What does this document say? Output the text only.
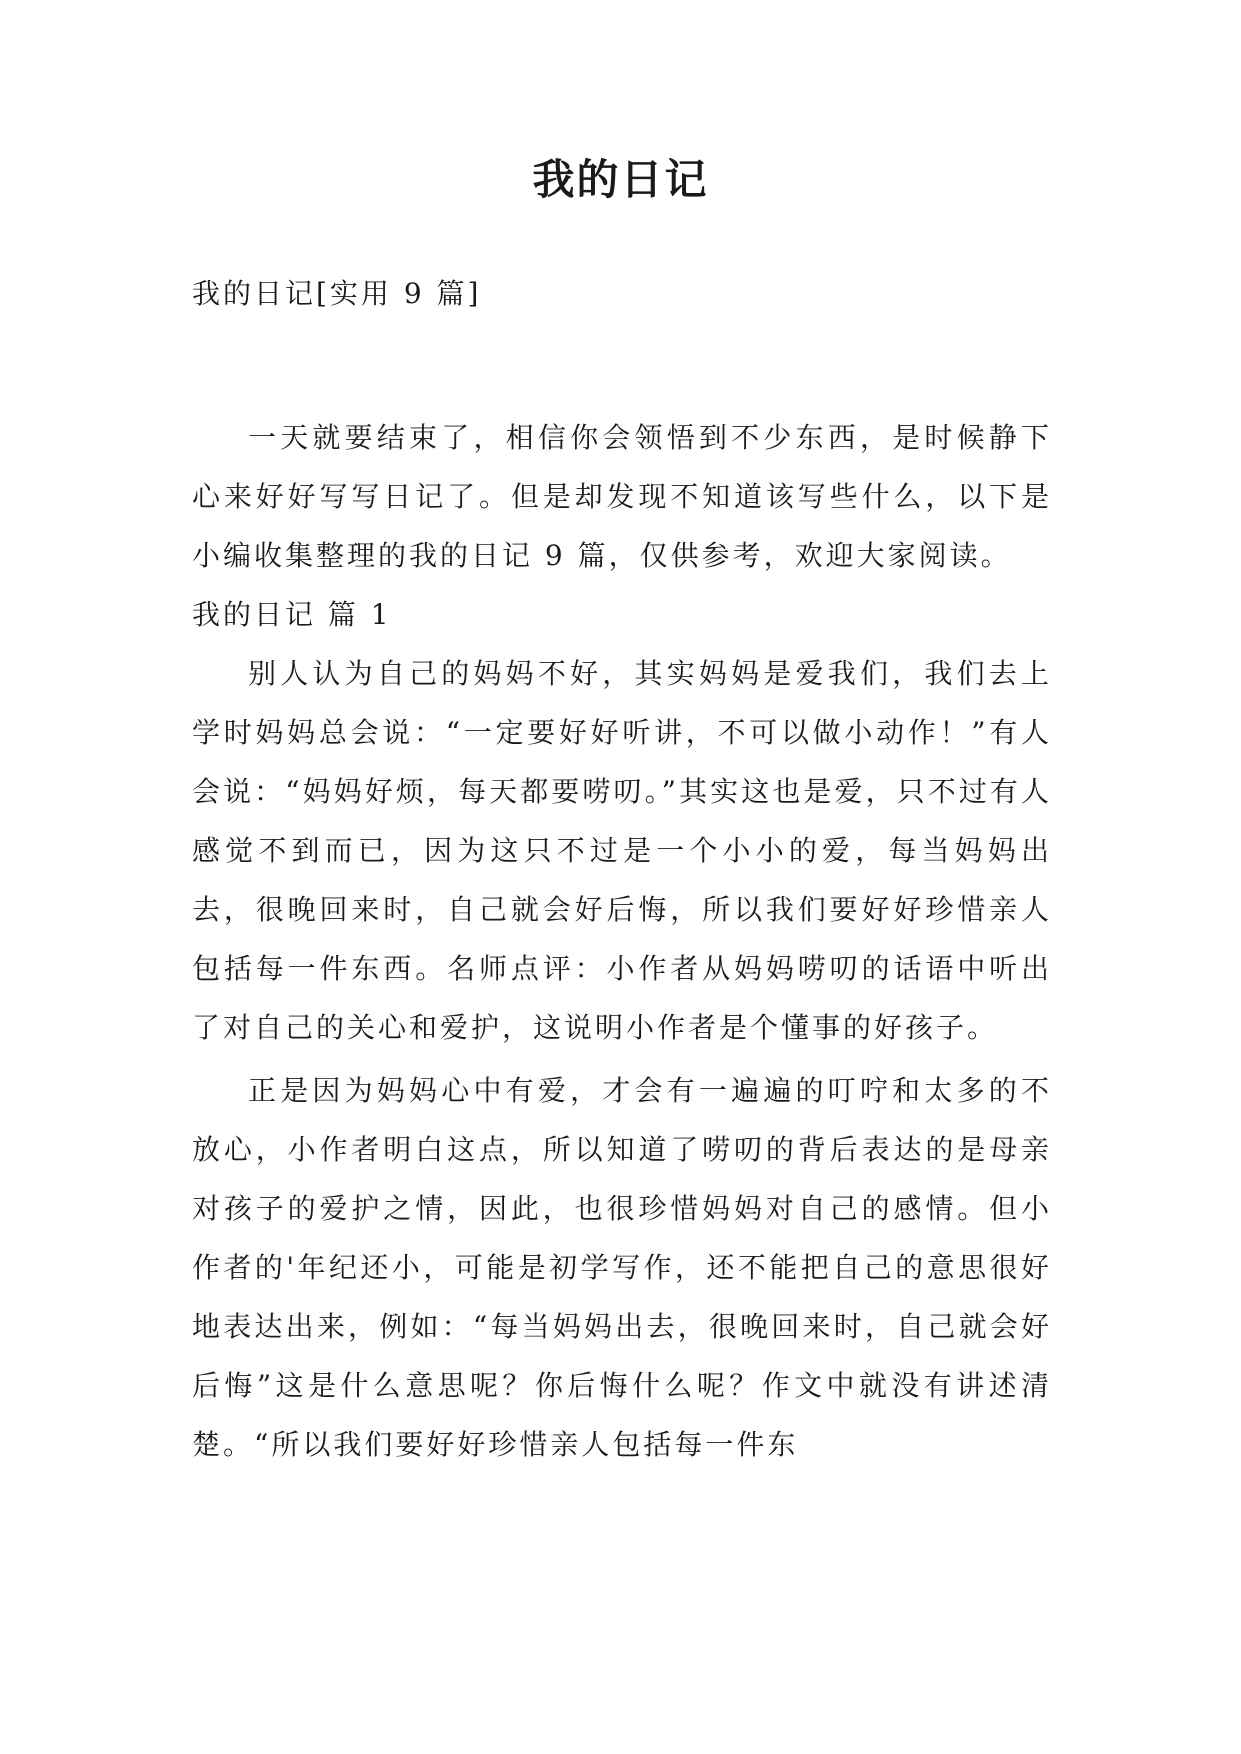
我的日记
我的日记[实用 9 篇]

一天就要结束了，相信你会领悟到不少东西，是时候静下心来好好写写日记了。但是却发现不知道该写些什么，以下是小编收集整理的我的日记 9 篇，仅供参考，欢迎大家阅读。

我的日记 篇 1

别人认为自己的妈妈不好，其实妈妈是爱我们，我们去上学时妈妈总会说：“一定要好好听讲，不可以做小动作！”有人会说：“妈妈好烦，每天都要唠叨。”其实这也是爱，只不过有人感觉不到而已，因为这只不过是一个小小的爱，每当妈妈出去，很晚回来时，自己就会好后悔，所以我们要好好珍惜亲人包括每一件东西。名师点评：小作者从妈妈唠叨的话语中听出了对自己的关心和爱护，这说明小作者是个懂事的好孩子。

正是因为妈妈心中有爱，才会有一遍遍的叮咛和太多的不放心，小作者明白这点，所以知道了唠叨的背后表达的是母亲对孩子的爱护之情，因此，也很珍惜妈妈对自己的感情。但小作者的'年纪还小，可能是初学写作，还不能把自己的意思很好地表达出来，例如：“每当妈妈出去，很晚回来时，自己就会好后悔”这是什么意思呢？你后悔什么呢？作文中就没有讲述清楚。“所以我们要好好珍惜亲人包括每一件东
